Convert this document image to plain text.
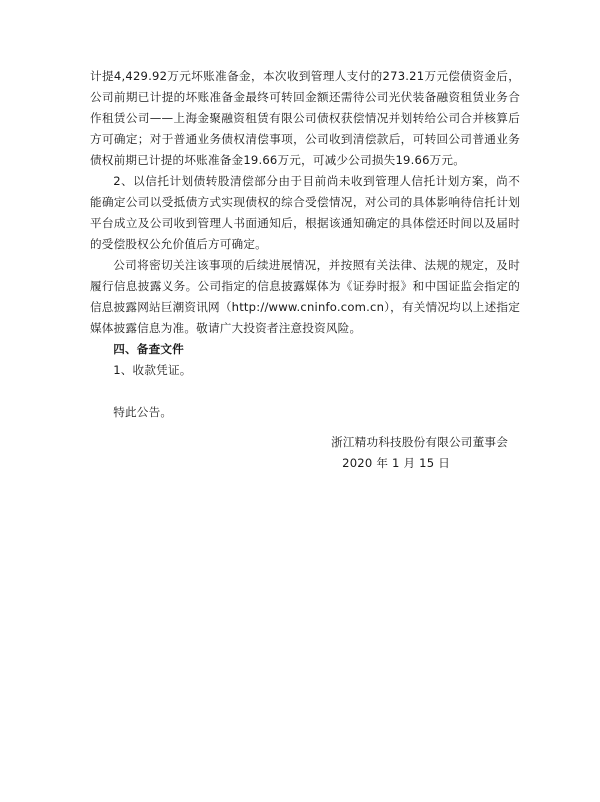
计提4,429.92万元坏账准备金，本次收到管理人支付的273.21万元偿债资金后，公司前期已计提的坏账准备金最终可转回金额还需待公司光伏装备融资租赁业务合作租赁公司——上海金聚融资租赁有限公司债权获偿情况并划转给公司合并核算后方可确定；对于普通业务债权清偿事项，公司收到清偿款后，可转回公司普通业务债权前期已计提的坏账准备金19.66万元，可减少公司损失19.66万元。

2、以信托计划债转股清偿部分由于目前尚未收到管理人信托计划方案，尚不能确定公司以受抵债方式实现债权的综合受偿情况，对公司的具体影响待信托计划平台成立及公司收到管理人书面通知后，根据该通知确定的具体偿还时间以及届时的受偿股权公允价值后方可确定。

公司将密切关注该事项的后续进展情况，并按照有关法律、法规的规定，及时履行信息披露义务。公司指定的信息披露媒体为《证券时报》和中国证监会指定的信息披露网站巨潮资讯网（http://www.cninfo.com.cn），有关情况均以上述指定媒体披露信息为准。敬请广大投资者注意投资风险。

四、备查文件

1、收款凭证。

特此公告。

浙江精功科技股份有限公司董事会
2020 年 1 月 15 日
